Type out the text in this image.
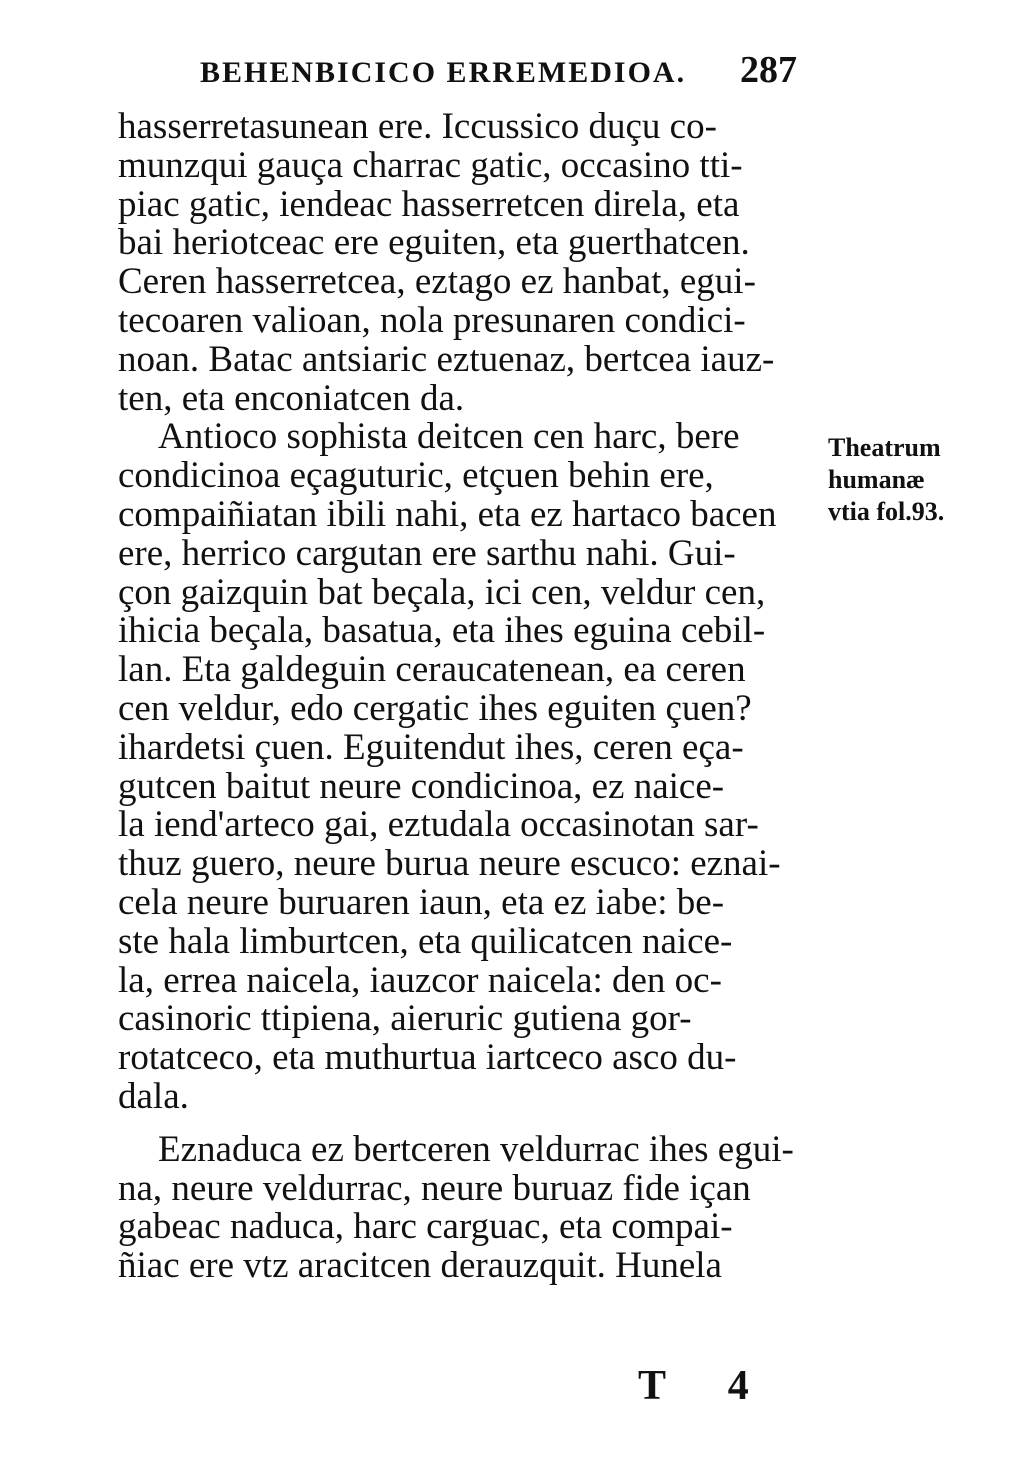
BEHENBICICO ERREMEDIOA. 287
hasserretasunean ere. Iccussico duçu co-
munzqui gauça charrac gatic, occasino tti-
piac gatic, iendeac hasserretcen direla, eta
bai heriotceac ere eguiten, eta guerthatcen.
Ceren hasserretcea, eztago ez hanbat, egui-
tecoaren valioan, nola presunaren condici-
noan. Batac antsiaric eztuenaz, bertcea iauz-
ten, eta enconiatcen da.
Antioco sophista deitcen cen harc, bere
condicinoa eçaguturic, etçuen behin ere,
compaiñiatan ibili nahi, eta ez hartaco bacen
ere, herrico cargutan ere sarthu nahi. Gui-
çon gaizquin bat beçala, ici cen, veldur cen,
ihicia beçala, basatua, eta ihes eguina cebil-
lan. Eta galdeguin ceraucatenean, ea ceren
cen veldur, edo cergatic ihes eguiten çuen?
ihardetsi çuen. Eguitendut ihes, ceren eça-
gutcen baitut neure condicinoa, ez naice-
la iend'arteco gai, eztudala occasinotan sar-
thuz guero, neure burua neure escuco: eznai-
cela neure buruaren iaun, eta ez iabe: be-
ste hala limburtcen, eta quilicatcen naice-
la, errea naicela, iauzcor naicela: den oc-
casinoric ttipiena, aieruric gutiena gor-
rotatceco, eta muthurtua iartceco asco du-
dala.
Eznaduca ez bertceren veldurrac ihes egui-
na, neure veldurrac, neure buruaz fide içan
gabeac naduca, harc carguac, eta compai-
ñiac ere vtz aracitcen derauzquit. Hunela
Theatrum
humanæ
vtia fol.93.
T 4
